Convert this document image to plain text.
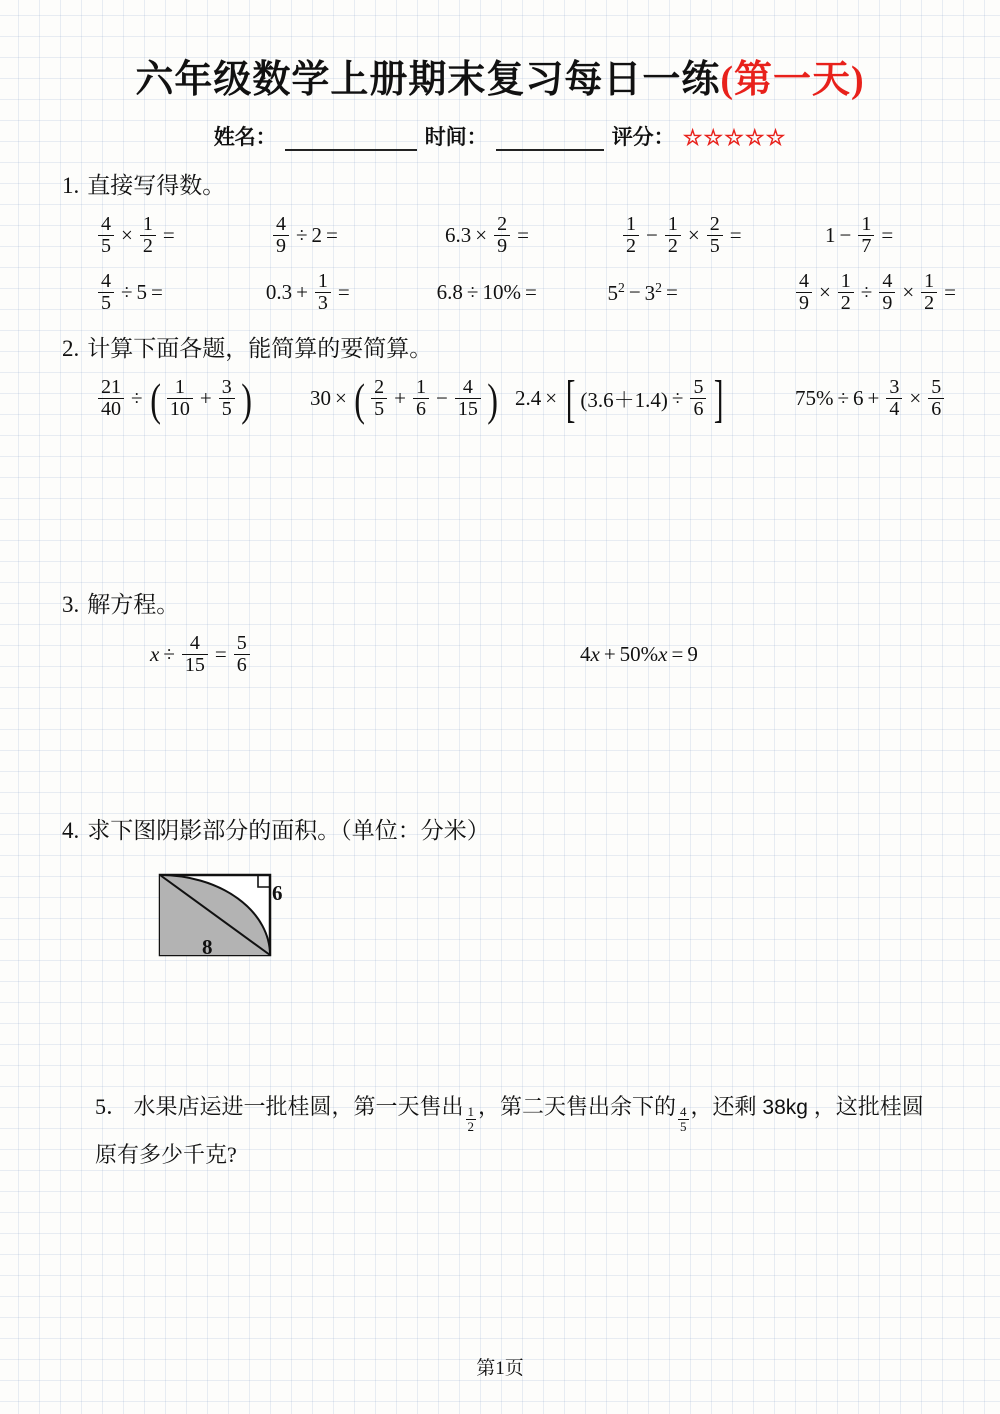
六年级数学上册期末复习每日一练(第一天)
姓名：	时间：	评分： ☆☆☆☆☆
1. 直接写得数。
$\frac{4}{5} \times \frac{1}{2}$ =	$\frac{4}{9} \div 2$ =	$6.3 \times \frac{2}{9}$ =	$\frac{1}{2} - \frac{1}{2} \times \frac{2}{5}$ =	$1 - \frac{1}{7}$ =
$\frac{4}{5} \div 5$ =	$0.3 + \frac{1}{3}$ =	6.8 ÷ 10% =	$5^2 - 3^2$ =	$\frac{4}{9} \times \frac{1}{2} \div \frac{4}{9} \times \frac{1}{2}$ =
2. 计算下面各题，能简算的要简算。
$\frac{21}{40}$ ÷ ( $\frac{1}{10} + \frac{3}{5}$ )	30 × ( $\frac{2}{5} + \frac{1}{6} - \frac{4}{15}$ ) 2.4 × [ $(3.6+1.4) \div \frac{5}{6}$ ]	$75\% \div 6 + \frac{3}{4} \times \frac{5}{6}$
3. 解方程。
$x \div \frac{4}{15} = \frac{5}{6}$	4 x + 50% x = 9
4. 求下图阴影部分的面积。（单位：分米）
6
8
5． 水果店运进一批桂圆，第一天售出 $\frac{1}{2}$ ，第二天售出余下的 $\frac{4}{5}$ ，还剩 38kg ，这批桂圆原有多少千克?
第1页
